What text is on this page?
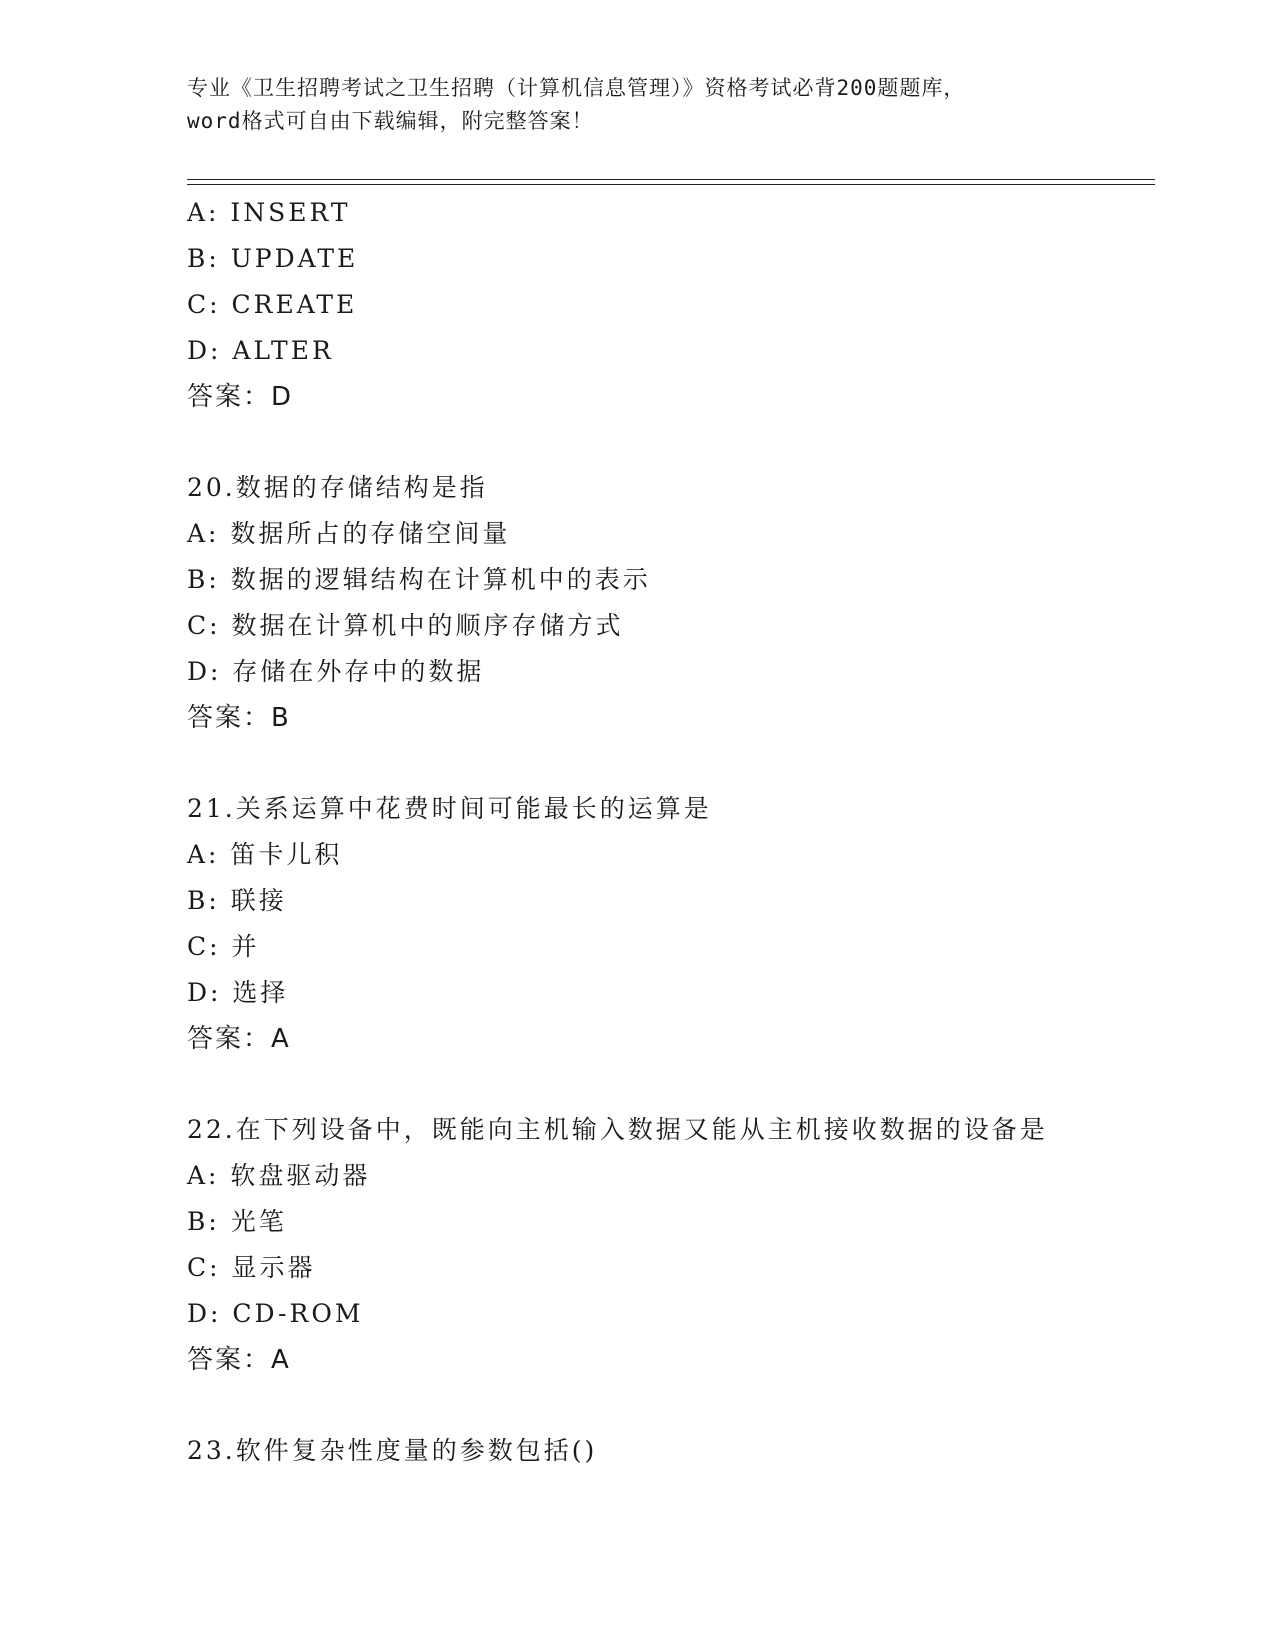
专业《卫生招聘考试之卫生招聘（计算机信息管理）》资格考试必背200题题库，
word格式可自由下载编辑，附完整答案！
A: INSERT
B: UPDATE
C: CREATE
D: ALTER
答案：D
20.数据的存储结构是指
A: 数据所占的存储空间量
B: 数据的逻辑结构在计算机中的表示
C: 数据在计算机中的顺序存储方式
D: 存储在外存中的数据
答案：B
21.关系运算中花费时间可能最长的运算是
A: 笛卡儿积
B: 联接
C: 并
D: 选择
答案：A
22.在下列设备中，既能向主机输入数据又能从主机接收数据的设备是
A: 软盘驱动器
B: 光笔
C: 显示器
D: CD-ROM
答案：A
23.软件复杂性度量的参数包括()
